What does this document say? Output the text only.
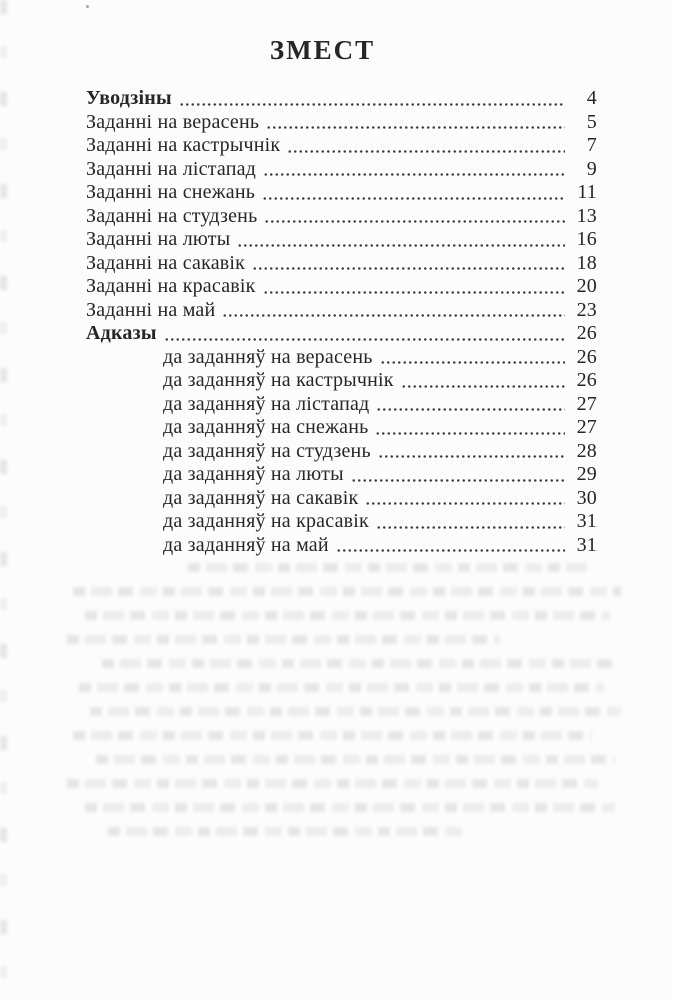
ЗМЕСТ
Уводзіны	4
Заданні на верасень	5
Заданні на кастрычнік	7
Заданні на лістапад	9
Заданні на снежань	11
Заданні на студзень	13
Заданні на люты	16
Заданні на сакавік	18
Заданні на красавік	20
Заданні на май	23
Адказы	26
да заданняў на верасень	26
да заданняў на кастрычнік	26
да заданняў на лістапад	27
да заданняў на снежань	27
да заданняў на студзень	28
да заданняў на люты	29
да заданняў на сакавік	30
да заданняў на красавік	31
да заданняў на май	31
